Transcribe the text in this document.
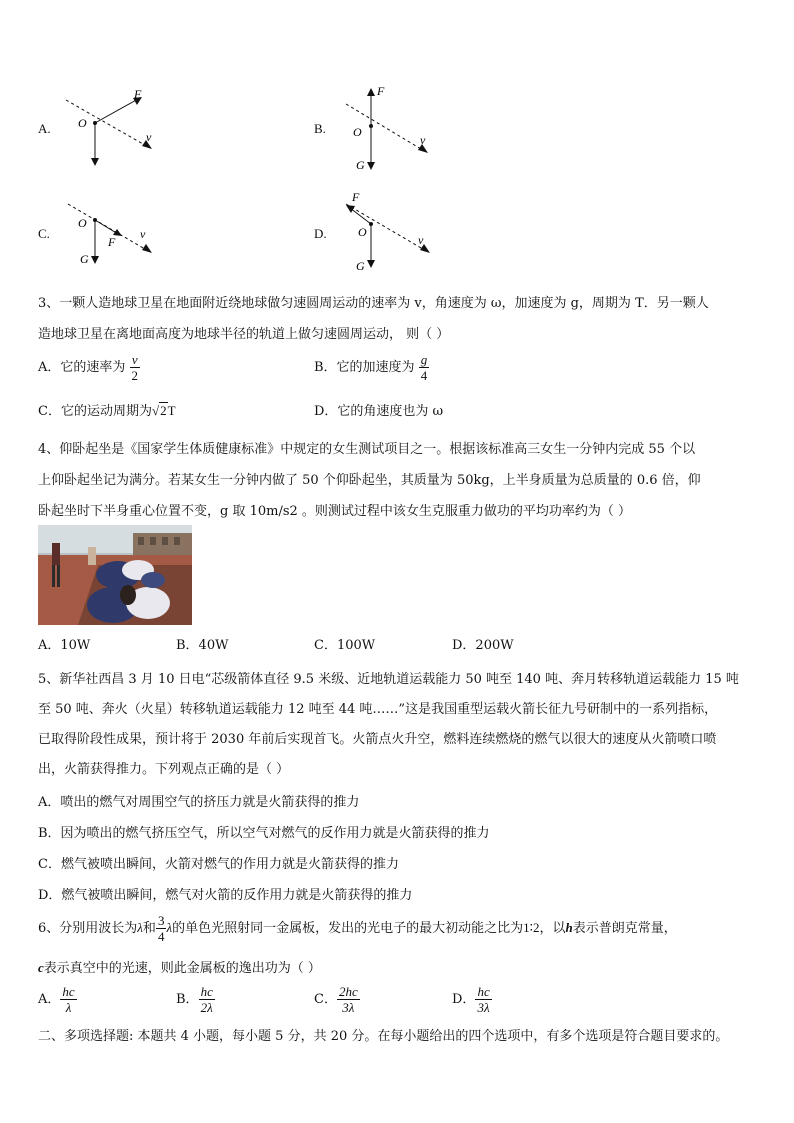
A.
F
O
v
B.
F
O
v
G
C.
O
F
v
G
D.
F
O
v
G
3、一颗人造地球卫星在地面附近绕地球做匀速圆周运动的速率为 v，角速度为 ω，加速度为 g，周期为 T．另一颗人
造地球卫星在离地面高度为地球半径的轨道上做匀速圆周运动， 则（ ）
A．它的速率为 $\frac{v}{2}$	B．它的加速度为 $\frac{g}{4}$
C．它的运动周期为√2T	D．它的角速度也为 ω
4、仰卧起坐是《国家学生体质健康标准》中规定的女生测试项目之一。根据该标准高三女生一分钟内完成 55 个以
上仰卧起坐记为满分。若某女生一分钟内做了 50 个仰卧起坐，其质量为 50kg，上半身质量为总质量的 0.6 倍，仰
卧起坐时下半身重心位置不变，g 取 10m/s2 。则测试过程中该女生克服重力做功的平均功率约为（ ）
A．10W	B．40W	C．100W	D．200W
5、新华社西昌 3 月 10 日电“芯级箭体直径 9.5 米级、近地轨道运载能力 50 吨至 140 吨、奔月转移轨道运载能力 15 吨
至 50 吨、奔火（火星）转移轨道运载能力 12 吨至 44 吨……”这是我国重型运载火箭长征九号研制中的一系列指标，
已取得阶段性成果，预计将于 2030 年前后实现首飞。火箭点火升空，燃料连续燃烧的燃气以很大的速度从火箭喷口喷
出，火箭获得推力。下列观点正确的是（ ）
A．喷出的燃气对周围空气的挤压力就是火箭获得的推力
B．因为喷出的燃气挤压空气，所以空气对燃气的反作用力就是火箭获得的推力
C．燃气被喷出瞬间，火箭对燃气的作用力就是火箭获得的推力
D．燃气被喷出瞬间，燃气对火箭的反作用力就是火箭获得的推力
6、分别用波长为λ和 $\frac{3}{4}$ λ的单色光照射同一金属板，发出的光电子的最大初动能之比为1∶2，以h表示普朗克常量，
c表示真空中的光速，则此金属板的逸出功为（ ）
A． $\frac{hc}{\lambda}$	B． $\frac{hc}{2\lambda}$	C． $\frac{2hc}{3\lambda}$	D． $\frac{hc}{3\lambda}$
二、多项选择题: 本题共 4 小题，每小题 5 分，共 20 分。在每小题给出的四个选项中，有多个选项是符合题目要求的。
